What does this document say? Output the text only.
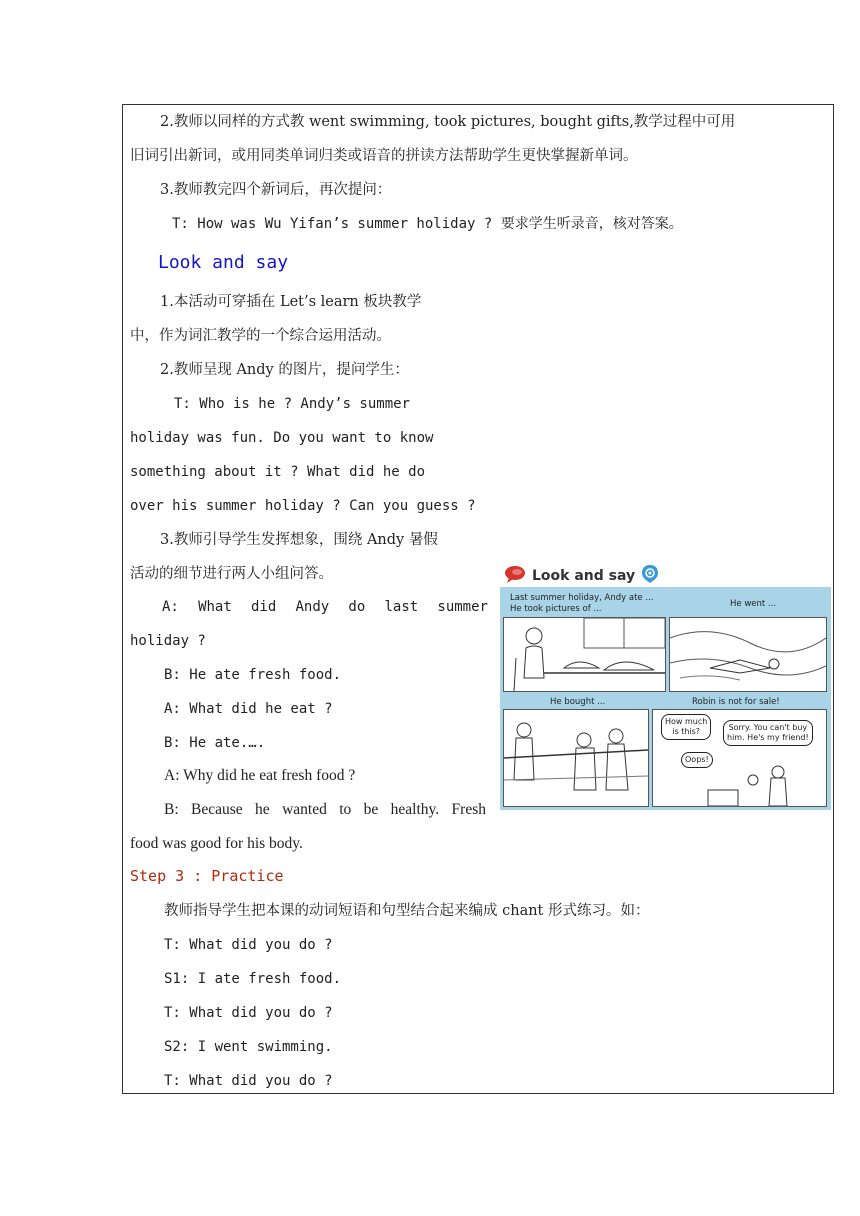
2.教师以同样的方式教 went swimming, took pictures, bought gifts,教学过程中可用
旧词引出新词，或用同类单词归类或语音的拼读方法帮助学生更快掌握新单词。
3.教师教完四个新词后，再次提问：
T: How was Wu Yifan’s summer holiday ? 要求学生听录音，核对答案。
Look and say
1.本活动可穿插在 Let’s learn 板块教学
中，作为词汇教学的一个综合运用活动。
2.教师呈现 Andy 的图片，提问学生：
T: Who is he ? Andy’s summer
holiday was fun. Do you want to know
something about it ? What did he do
over his summer holiday ? Can you guess ?
3.教师引导学生发挥想象，围绕 Andy 暑假
活动的细节进行两人小组问答。
A: What did Andy do last summer
holiday ?
B: He ate fresh food.
A: What did he eat ?
B: He ate.….
A: Why did he eat fresh food ?
B: Because he wanted to be healthy. Fresh
food was good for his body.
Look and say
Last summer holiday, Andy ate ...
He took pictures of ...	He went ...
He bought ...	Robin is not for sale!
How much
is this?	Sorry. You can't buy
him. He's my friend!
Oops!
Step 3 : Practice
教师指导学生把本课的动词短语和句型结合起来编成 chant 形式练习。如：
T: What did you do ?
S1: I ate fresh food.
T: What did you do ?
S2: I went swimming.
T: What did you do ?
